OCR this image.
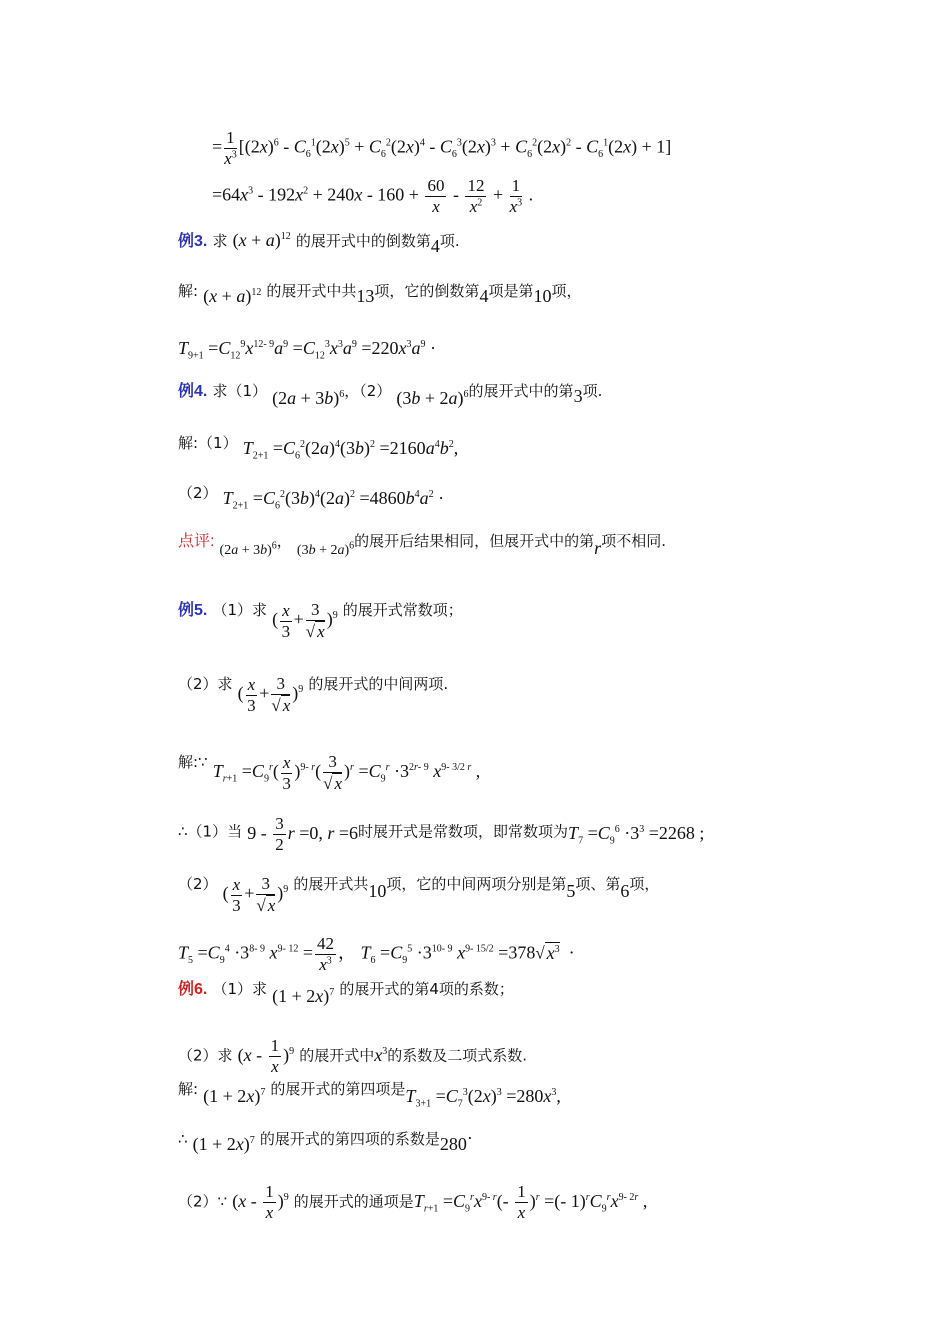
= $\frac{1}{x^3} [(2x)^6 - C_6^1(2x)^5 + C_6^2(2x)^4 - C_6^3(2x)^3 + C_6^2(2x)^2 - C_6^1(2x) + 1]$
$=64x^3 - 192x^2 + 240x - 160 + \frac{60}{x} - \frac{12}{x^2} + \frac{1}{x^3}$ .
例3. 求 $(x + a)^{12}$ 的展开式中的倒数第4项.
解: $(x + a)^{12}$ 的展开式中共13项，它的倒数第4项是第10项，
$T_{9+1} =C_{12}^9x^{12- 9}a^9 =C_{12}^3x^3a^9 =220x^3a^9$ ·
例4. 求（1） $(2a + 3b)^6$，（2） $(3b + 2a)^6$的展开式中的第3项.
解:（1） $T_{2+1} =C_6^2(2a)^4(3b)^2 =2160a^4b^2$,
（2） $T_{2+1} =C_6^2(3b)^4(2a)^2 =4860b^4a^2$ ·
点评: $(2a + 3b)^6$， $(3b + 2a)^6$的展开后结果相同，但展开式中的第r项不相同.
例5. （1）求 ( $\frac{x}{3} + \frac{3}{√ x} )^9$ 的展开式常数项；
（2）求 ( $\frac{x}{3} + \frac{3}{√ x} )^9$ 的展开式的中间两项.
解:∵ $T_{r+1} =C_9^r( \frac{x}{3} )^{9- r}( \frac{3}{√ x} )^r =C_9^r \cdot 3^{2r- 9}$ $x^{9- 3/2 r}$ ,
∴（1）当 $9 - \frac{3}{2}$ r =0, r =6时展开式是常数项，即常数项为$T_7 =C_9^6 \cdot 3^3 =2268$ ;
（2） ( $\frac{x}{3} + \frac{3}{√ x} )^9$ 的展开式共10项，它的中间两项分别是第5项、第6项，
$T_5 =C_9^4 \cdot 3^{8- 9}$ $x^{9- 12} = \frac{42}{x^3}$ ， $T_6 =C_9^5 \cdot 3^{10- 9}$ $x^{9- 15/2} =378√$ $x^3$  ·
例6. （1）求 $(1 + 2x)^7$ 的展开式的第4项的系数；
（2）求 $(x - \frac{1}{x} )^9$ 的展开式中$x^3$的系数及二项式系数.
解: $(1 + 2x)^7$ 的展开式的第四项是$T_{3+1} =C_7^3(2x)^3 =280x^3$,
∴ $(1 + 2x)^7$ 的展开式的第四项的系数是280·
（2）∵ $(x - \frac{1}{x} )^9$ 的展开式的通项是$T_{r+1} =C_9^rx^{9- r}(- \frac{1}{x} )^r$ =(- $1)^rC_9^rx^{9- 2r}$ ,
